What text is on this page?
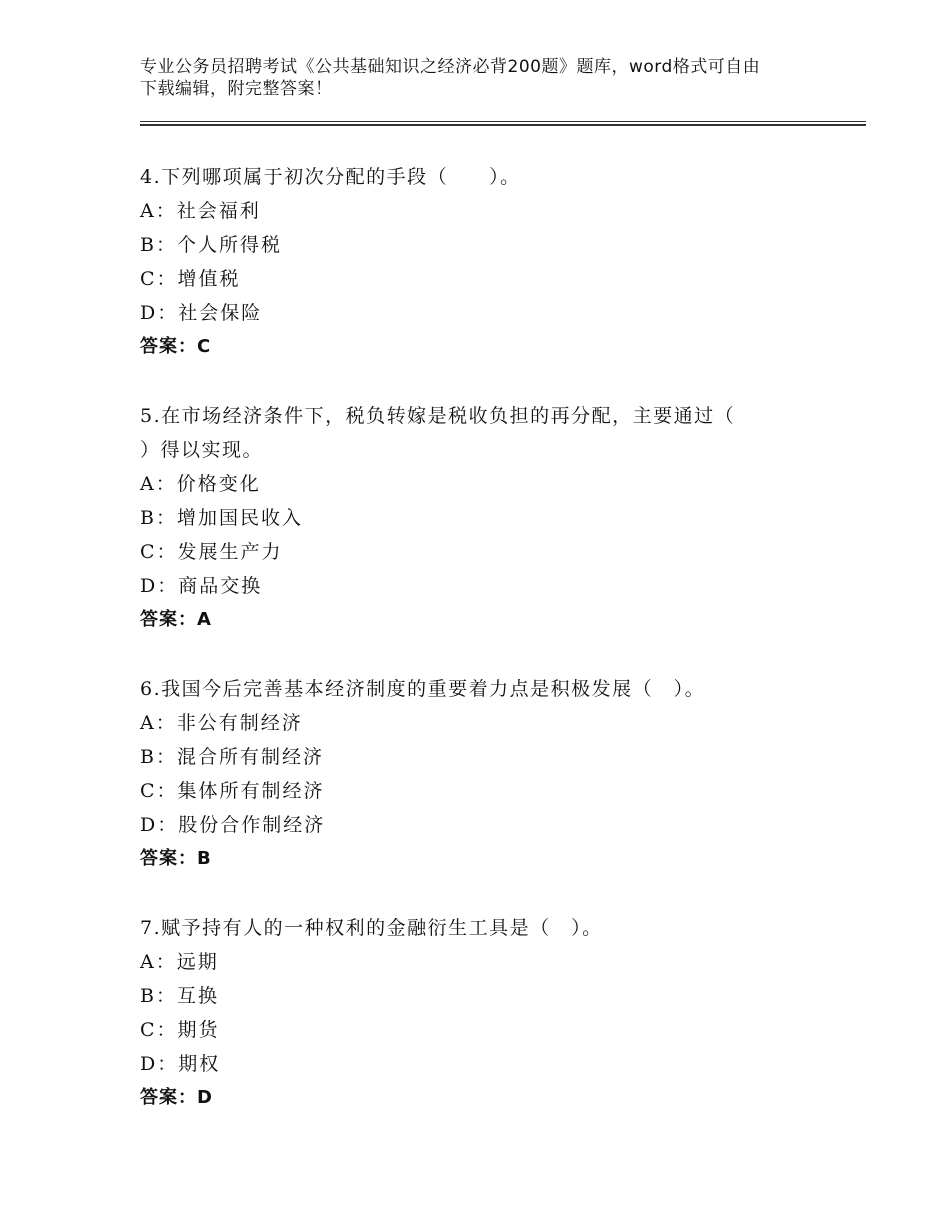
专业公务员招聘考试《公共基础知识之经济必背200题》题库，word格式可自由
下载编辑，附完整答案！
4.下列哪项属于初次分配的手段（　　）。
A：社会福利
B：个人所得税
C：增值税
D：社会保险
答案：C
5.在市场经济条件下，税负转嫁是税收负担的再分配，主要通过（
）得以实现。
A：价格变化
B：增加国民收入
C：发展生产力
D：商品交换
答案：A
6.我国今后完善基本经济制度的重要着力点是积极发展（　）。
A：非公有制经济
B：混合所有制经济
C：集体所有制经济
D：股份合作制经济
答案：B
7.赋予持有人的一种权利的金融衍生工具是（　）。
A：远期
B：互换
C：期货
D：期权
答案：D
